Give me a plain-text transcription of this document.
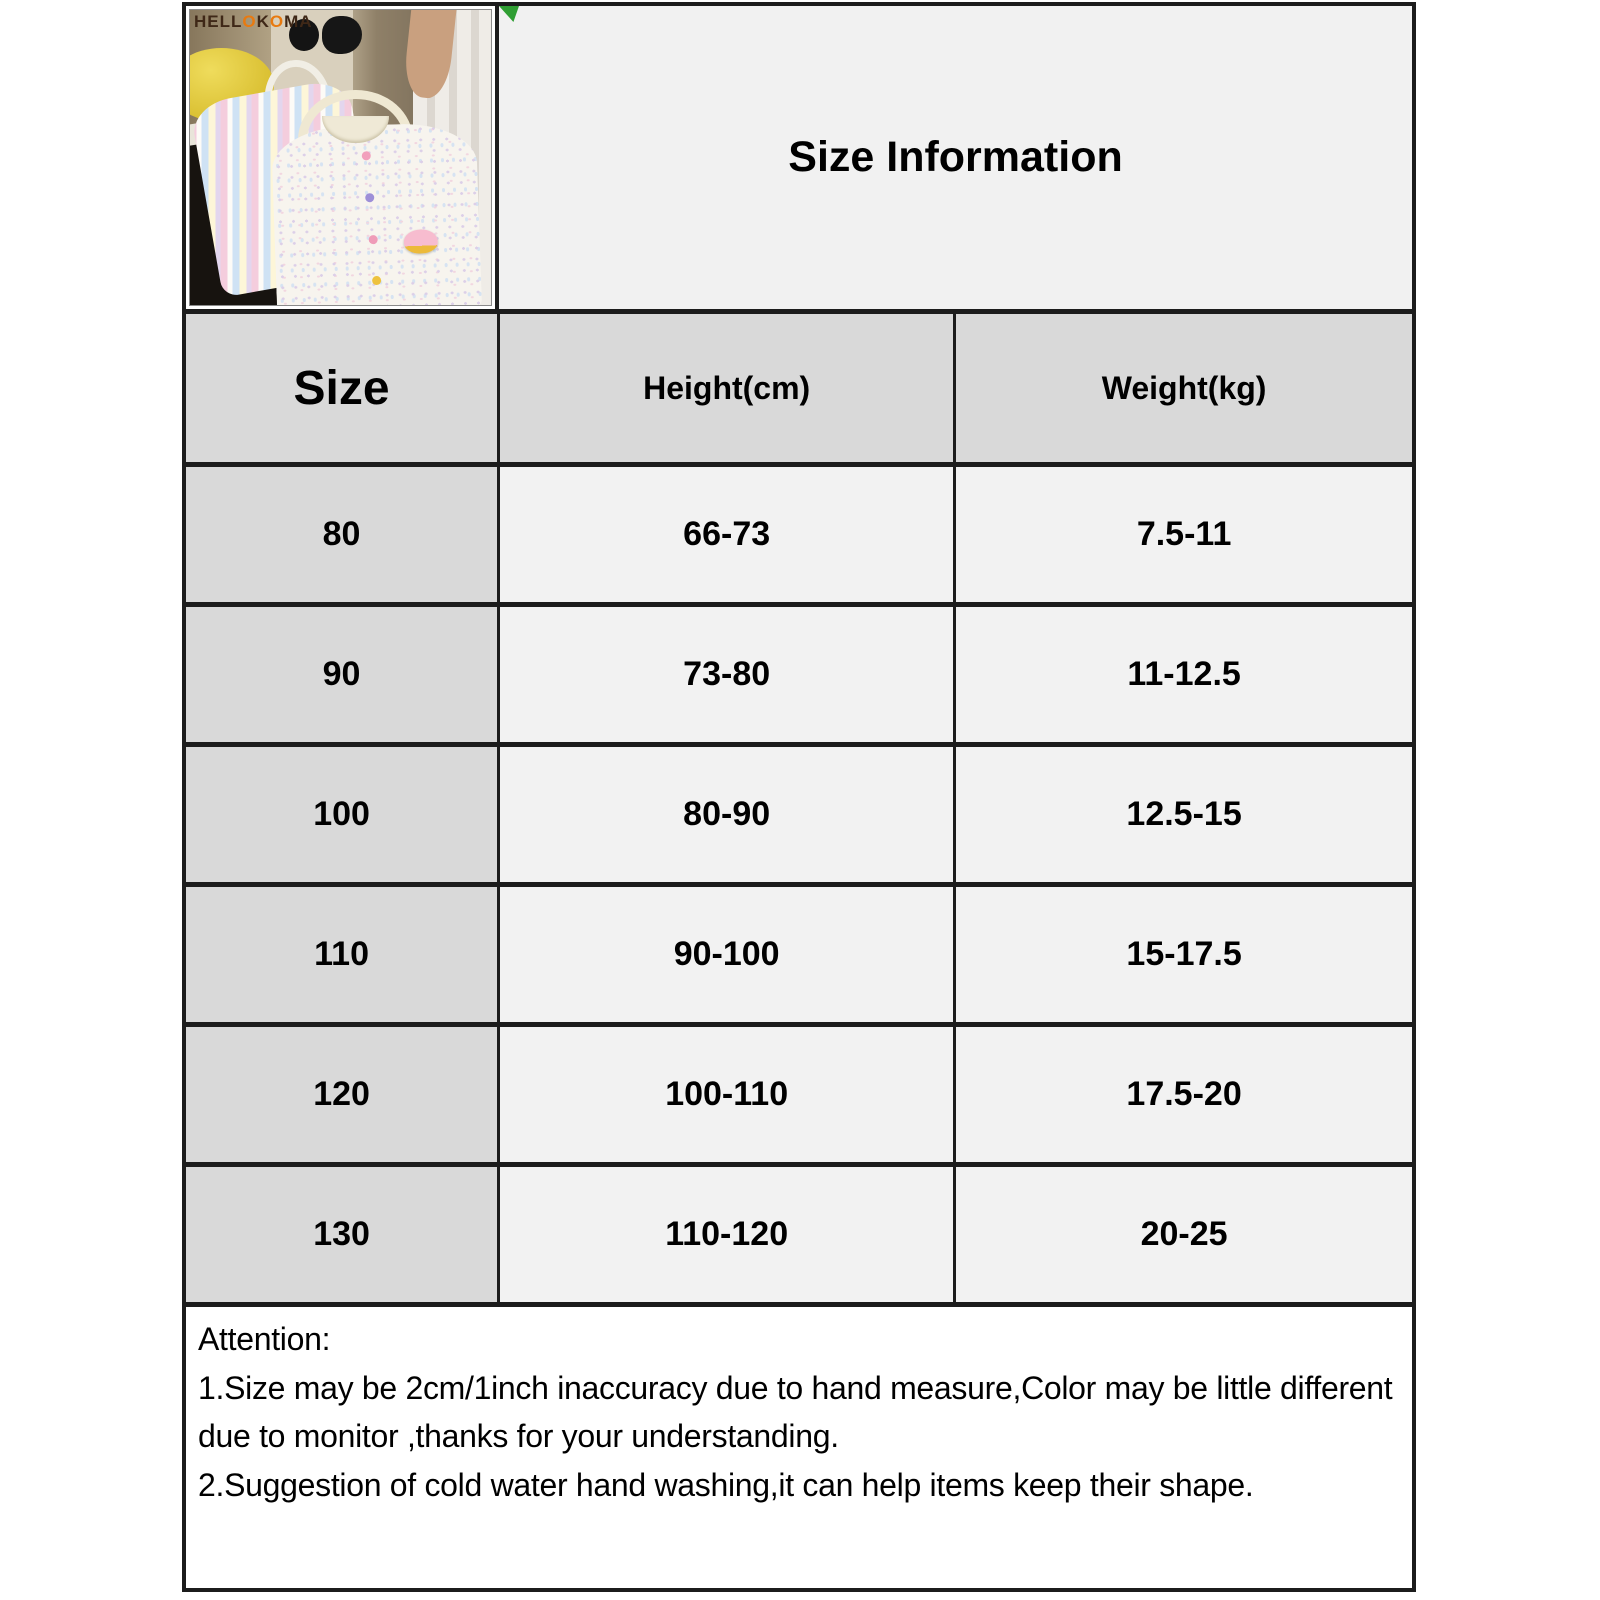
HELLOKOMA
Size Information
Size	Height(cm)	Weight(kg)
80	66-73	7.5-11
90	73-80	11-12.5
100	80-90	12.5-15
110	90-100	15-17.5
120	100-110	17.5-20
130	110-120	20-25
Attention:
1.Size may be 2cm/1inch inaccuracy due to hand measure,Color may be little different due to monitor ,thanks for your understanding.
2.Suggestion of cold water hand washing,it can help items keep their shape.
